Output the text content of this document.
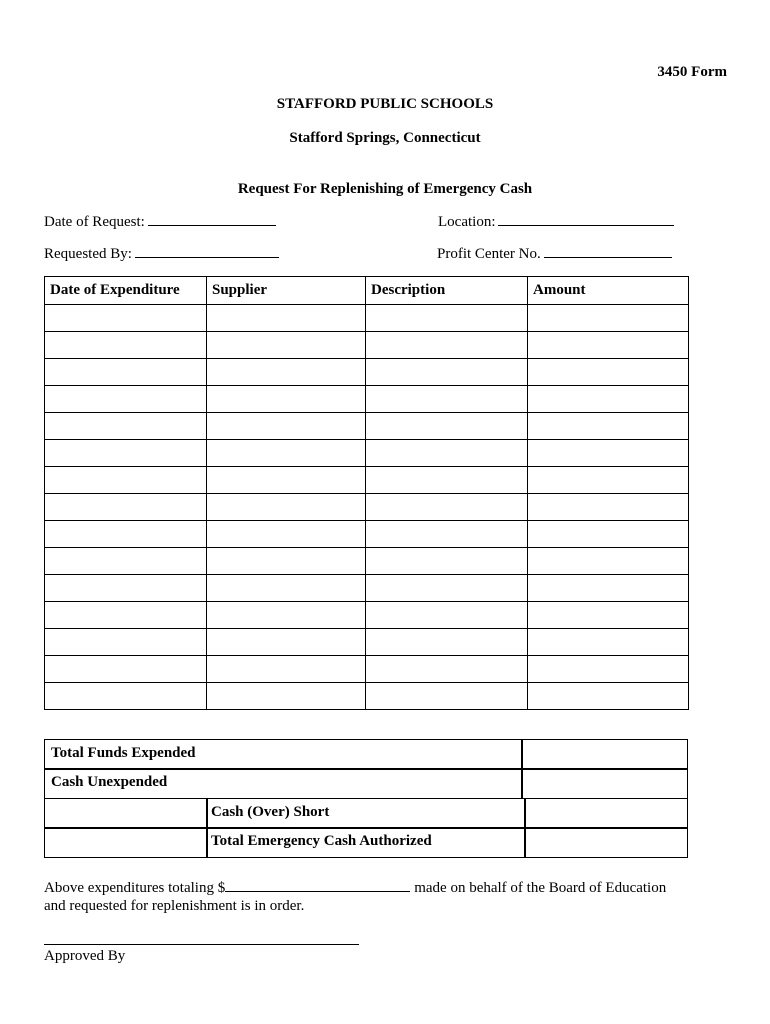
3450 Form
STAFFORD PUBLIC SCHOOLS
Stafford Springs, Connecticut
Request For Replenishing of Emergency Cash
Date of Request:	Location:
Requested By:	Profit Center No.
Date of Expenditure	Supplier	Description	Amount

Total Funds Expended
Cash Unexpended
Cash (Over) Short
Total Emergency Cash Authorized
Above expenditures totaling $	made on behalf of the Board of Education
and requested for replenishment is in order.
Approved By
